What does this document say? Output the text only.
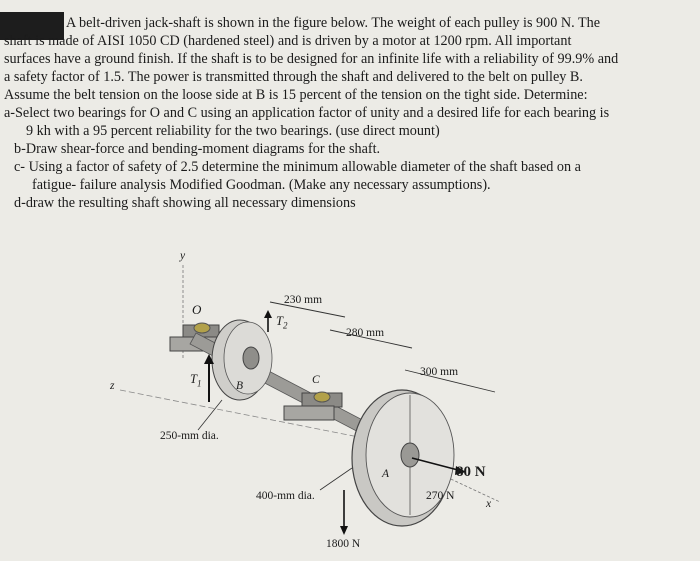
A belt-driven jack-shaft is shown in the figure below. The weight of each pulley is 900 N. The
shaft is made of AISI 1050 CD (hardened steel) and is driven by a motor at 1200 rpm. All important
surfaces have a ground finish. If the shaft is to be designed for an infinite life with a reliability of 99.9% and
a safety factor of 1.5. The power is transmitted through the shaft and delivered to the belt on pulley B.
Assume the belt tension on the loose side at B is 15 percent of the tension on the tight side. Determine:
a-Select two bearings for O and C using an application factor of unity and a desired life for each bearing is
9 kh with a 95 percent reliability for the two bearings. (use direct mount)
b-Draw shear-force and bending-moment diagrams for the shaft.
c- Using a factor of safety of 2.5 determine the minimum allowable diameter of the shaft based on a
fatigue- failure analysis Modified Goodman. (Make any necessary assumptions).
d-draw the resulting shaft showing all necessary dimensions
y
z
x
O
B	C
A
$T_1$
$T_2$
230 mm
280 mm
300 mm
250-mm dia.
400-mm dia.
80 N
270 N
1800 N
